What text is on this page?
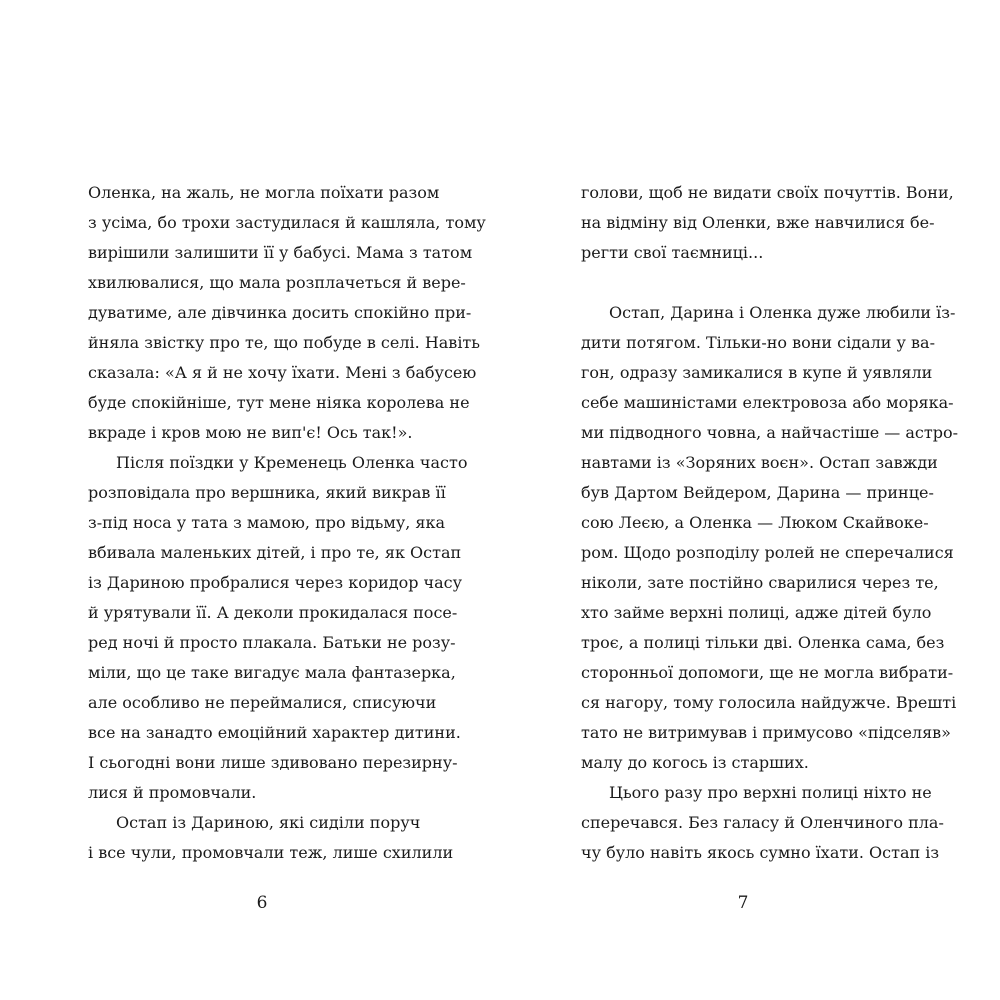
Оленка, на жаль, не могла поїхати разом
з усіма, бо трохи застудилася й кашляла, тому
вирішили залишити її у бабусі. Мама з татом
хвилювалися, що мала розплачеться й вере-
дуватиме, але дівчинка досить спокійно при-
йняла звістку про те, що побуде в селі. Навіть
сказала: «А я й не хочу їхати. Мені з бабусею
буде спокійніше, тут мене ніяка королева не
вкраде і кров мою не вип'є! Ось так!».
Після поїздки у Кременець Оленка часто
розповідала про вершника, який викрав її
з-під носа у тата з мамою, про відьму, яка
вбивала маленьких дітей, і про те, як Остап
із Дариною пробралися через коридор часу
й урятували її. А деколи прокидалася посе-
ред ночі й просто плакала. Батьки не розу-
міли, що це таке вигадує мала фантазерка,
але особливо не переймалися, списуючи
все на занадто емоційний характер дитини.
І сьогодні вони лише здивовано перезирну-
лися й промовчали.
Остап із Дариною, які сиділи поруч
і все чули, промовчали теж, лише схилили
6
голови, щоб не видати своїх почуттів. Вони,
на відміну від Оленки, вже навчилися бе-
регти свої таємниці...
Остап, Дарина і Оленка дуже любили їз-
дити потягом. Тільки-но вони сідали у ва-
гон, одразу замикалися в купе й уявляли
себе машиністами електровоза або моряка-
ми підводного човна, а найчастіше — астро-
навтами із «Зоряних воєн». Остап завжди
був Дартом Вейдером, Дарина — принце-
сою Леєю, а Оленка — Люком Скайвоке-
ром. Щодо розподілу ролей не сперечалися
ніколи, зате постійно сварилися через те,
хто займе верхні полиці, адже дітей було
троє, а полиці тільки дві. Оленка сама, без
сторонньої допомоги, ще не могла вибрати-
ся нагору, тому голосила найдужче. Врешті
тато не витримував і примусово «підселяв»
малу до когось із старших.
Цього разу про верхні полиці ніхто не
сперечався. Без галасу й Оленчиного пла-
чу було навіть якось сумно їхати. Остап із
7
